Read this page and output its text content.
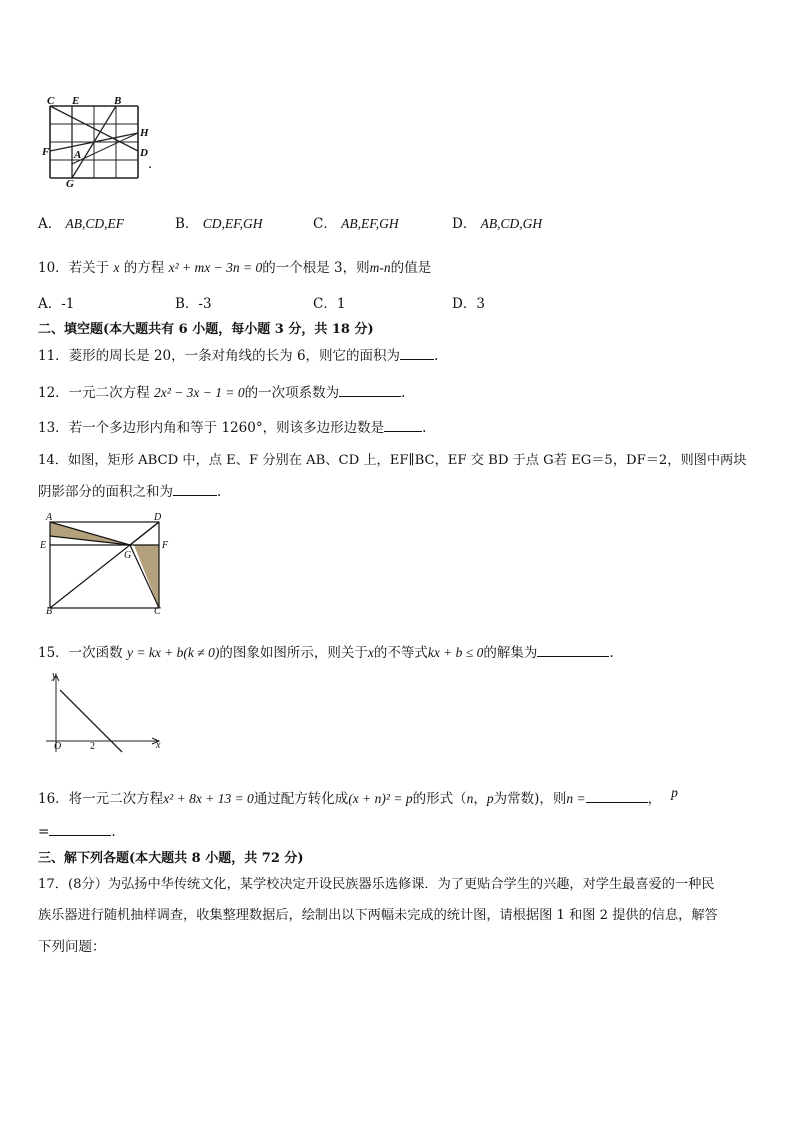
C E	B
H
F	D
.
A
G
A． AB,CD,EF	B． CD,EF,GH	C． AB,EF,GH	D． AB,CD,GH
10．若关于 x 的方程 x² + mx − 3n = 0的一个根是 3，则m-n的值是
A．-1	B．-3	C．1	D．3
二、填空题(本大题共有 6 小题，每小题 3 分，共 18 分)
11．菱形的周长是 20，一条对角线的长为 6，则它的面积为	.
12．一元二次方程 2x² − 3x − 1 = 0的一次项系数为	.
13．若一个多边形内角和等于 1260°，则该多边形边数是	.
14．如图，矩形 ABCD 中，点 E、F 分别在 AB、CD 上，EF∥BC，EF 交 BD 于点 G若 EG＝5，DF＝2，则图中两块
阴影部分的面积之和为	.
A	D
E	F
G
B	C
15．一次函数 y = kx + b(k ≠ 0)的图象如图所示，则关于x的不等式kx + b ≤ 0的解集为	.
y
x
O	2
16．将一元二次方程x² + 8x + 13 = 0通过配方转化成(x + n)² = p的形式（n，p为常数)，则n =	， p
=	.
三、解下列各题(本大题共 8 小题，共 72 分)
17．(8分）为弘扬中华传统文化，某学校决定开设民族器乐选修课．为了更贴合学生的兴趣，对学生最喜爱的一种民
族乐器进行随机抽样调查，收集整理数据后，绘制出以下两幅未完成的统计图，请根据图 1 和图 2 提供的信息，解答
下列问题：
